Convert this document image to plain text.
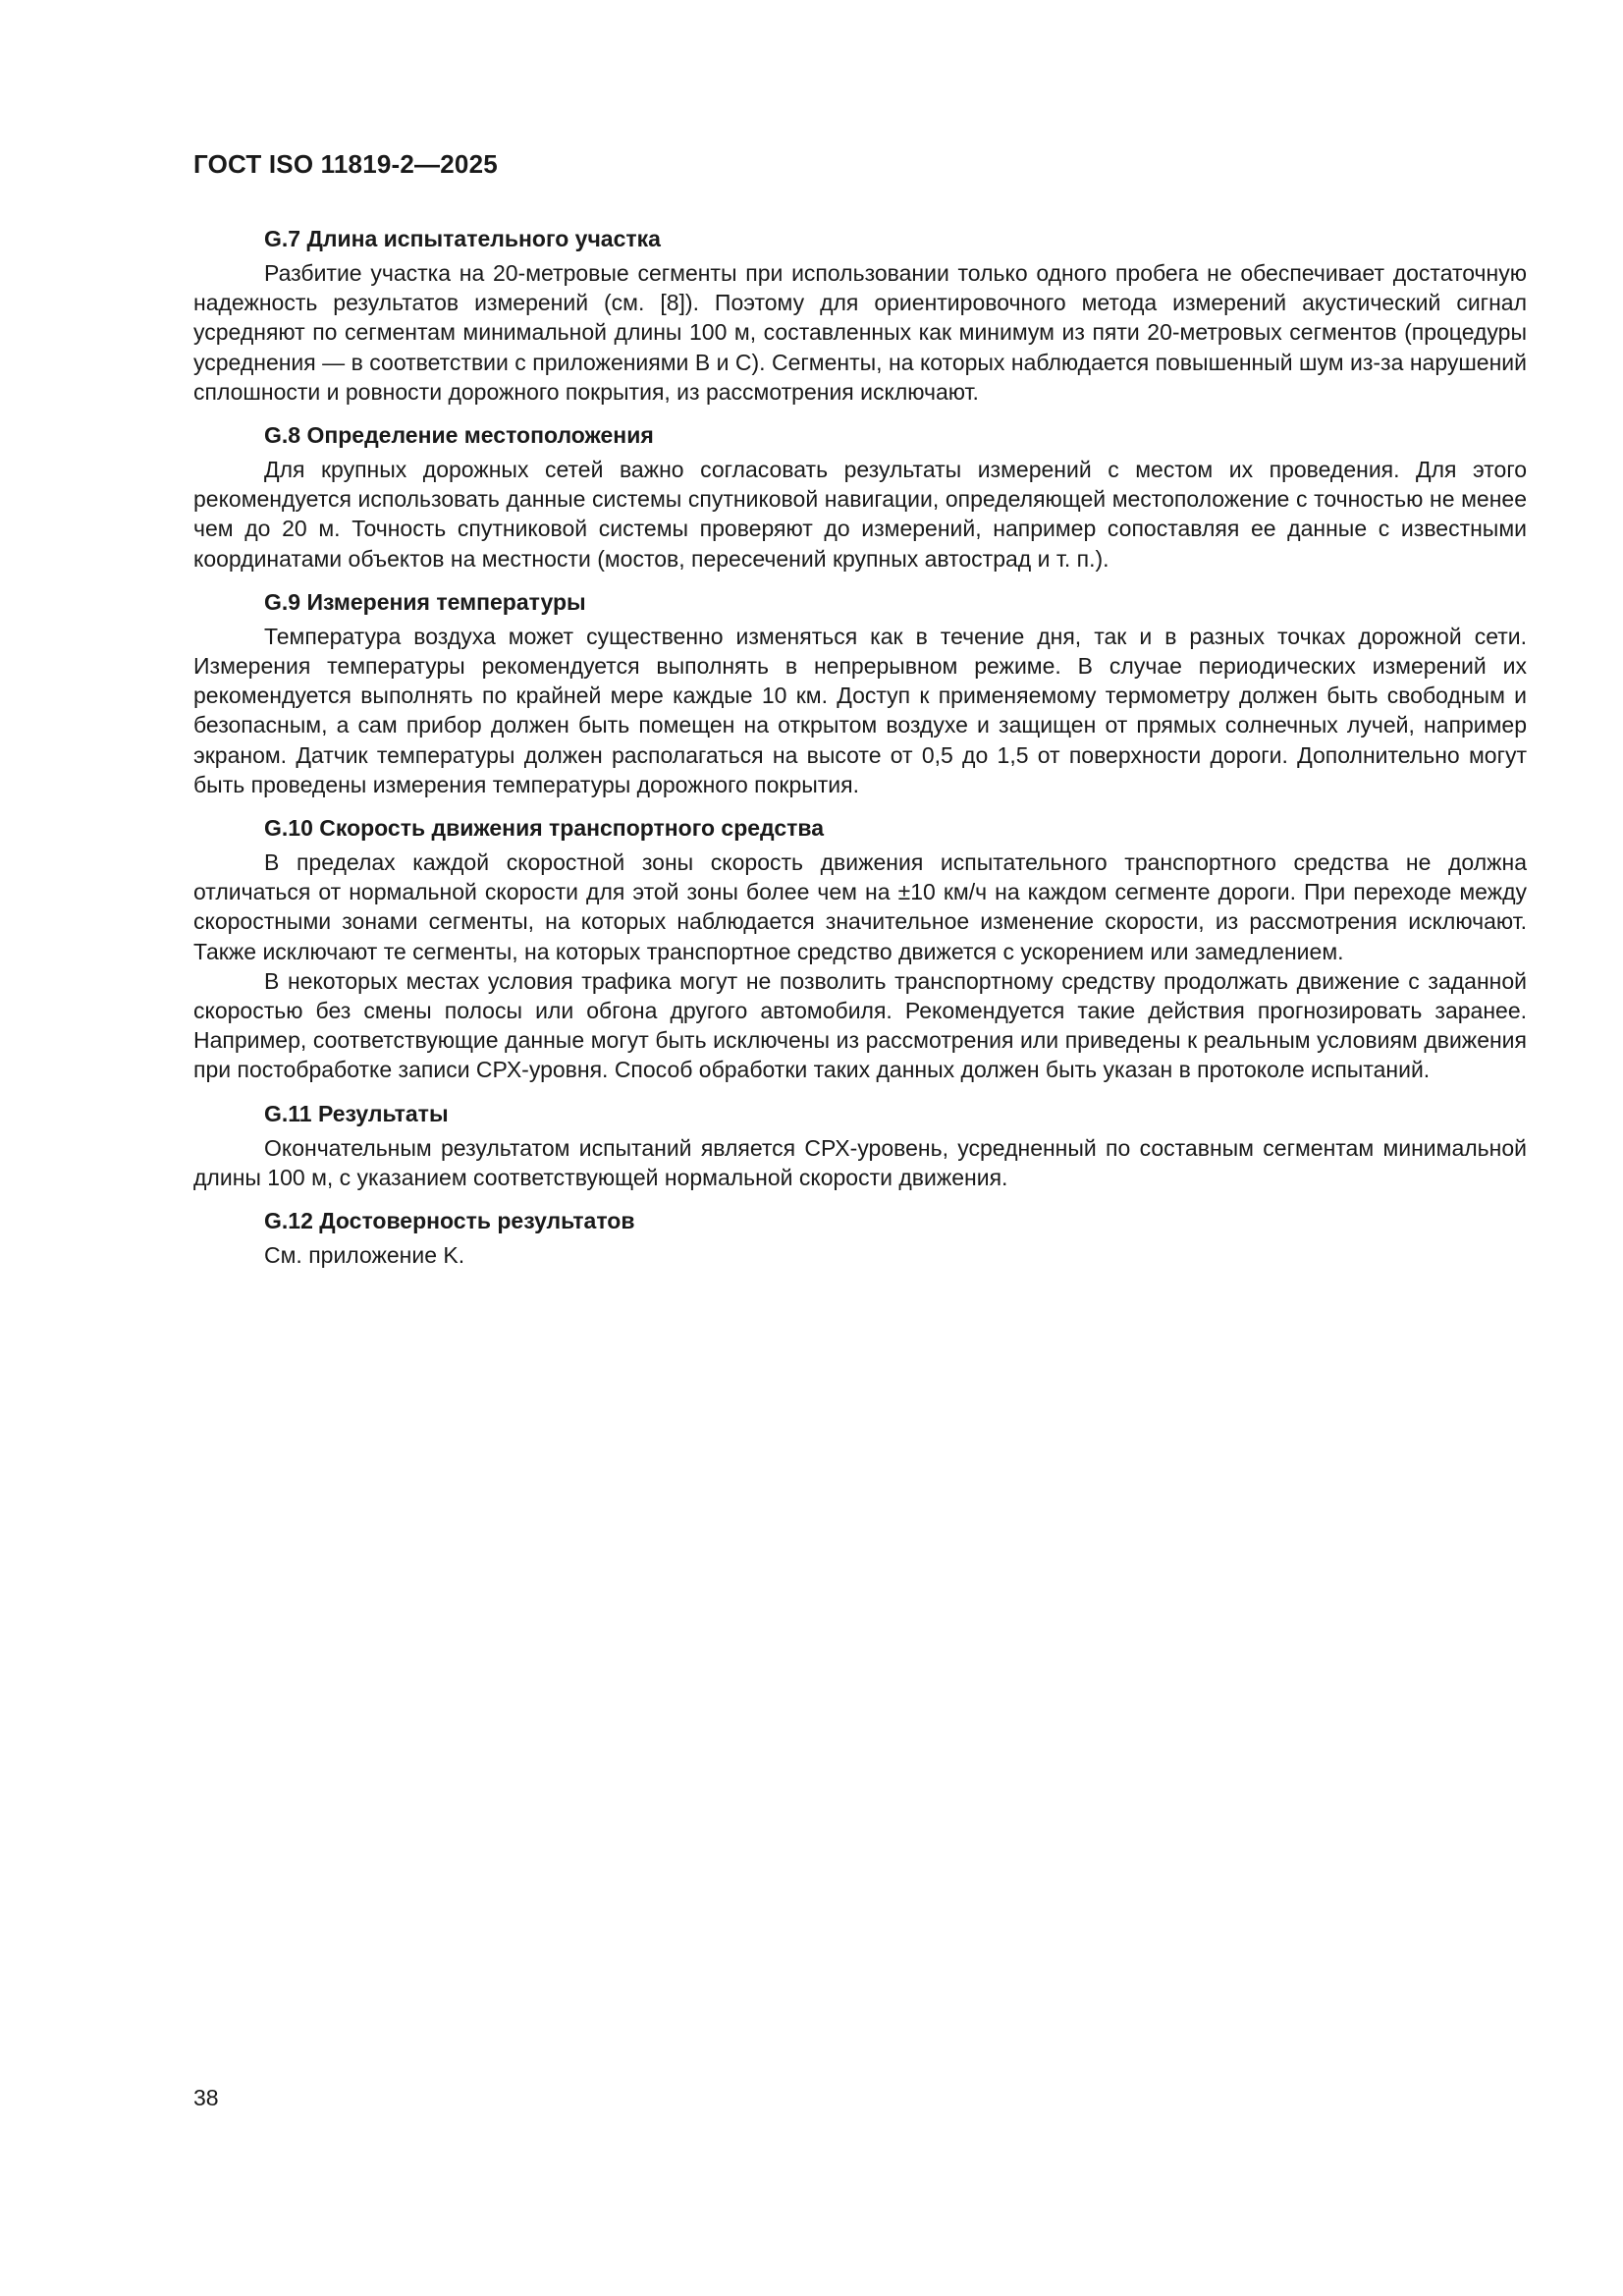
ГОСТ ISO 11819-2—2025
G.7 Длина испытательного участка

Разбитие участка на 20-метровые сегменты при использовании только одного пробега не обеспечивает достаточную надежность результатов измерений (см. [8]). Поэтому для ориентировочного метода измерений акустический сигнал усредняют по сегментам минимальной длины 100 м, составленных как минимум из пяти 20-метровых сегментов (процедуры усреднения — в соответствии с приложениями B и C). Сегменты, на которых наблюдается повышенный шум из-за нарушений сплошности и ровности дорожного покрытия, из рассмотрения исключают.

G.8 Определение местоположения

Для крупных дорожных сетей важно согласовать результаты измерений с местом их проведения. Для этого рекомендуется использовать данные системы спутниковой навигации, определяющей местоположение с точностью не менее чем до 20 м. Точность спутниковой системы проверяют до измерений, например сопоставляя ее данные с известными координатами объектов на местности (мостов, пересечений крупных автострад и т. п.).

G.9 Измерения температуры

Температура воздуха может существенно изменяться как в течение дня, так и в разных точках дорожной сети. Измерения температуры рекомендуется выполнять в непрерывном режиме. В случае периодических измерений их рекомендуется выполнять по крайней мере каждые 10 км. Доступ к применяемому термометру должен быть свободным и безопасным, а сам прибор должен быть помещен на открытом воздухе и защищен от прямых солнечных лучей, например экраном. Датчик температуры должен располагаться на высоте от 0,5 до 1,5 от поверхности дороги. Дополнительно могут быть проведены измерения температуры дорожного покрытия.

G.10 Скорость движения транспортного средства

В пределах каждой скоростной зоны скорость движения испытательного транспортного средства не должна отличаться от нормальной скорости для этой зоны более чем на ±10 км/ч на каждом сегменте дороги. При переходе между скоростными зонами сегменты, на которых наблюдается значительное изменение скорости, из рассмотрения исключают. Также исключают те сегменты, на которых транспортное средство движется с ускорением или замедлением.

В некоторых местах условия трафика могут не позволить транспортному средству продолжать движение с заданной скоростью без смены полосы или обгона другого автомобиля. Рекомендуется такие действия прогнозировать заранее. Например, соответствующие данные могут быть исключены из рассмотрения или приведены к реальным условиям движения при постобработке записи СРХ-уровня. Способ обработки таких данных должен быть указан в протоколе испытаний.

G.11 Результаты

Окончательным результатом испытаний является СРХ-уровень, усредненный по составным сегментам минимальной длины 100 м, с указанием соответствующей нормальной скорости движения.

G.12 Достоверность результатов

См. приложение K.

38
